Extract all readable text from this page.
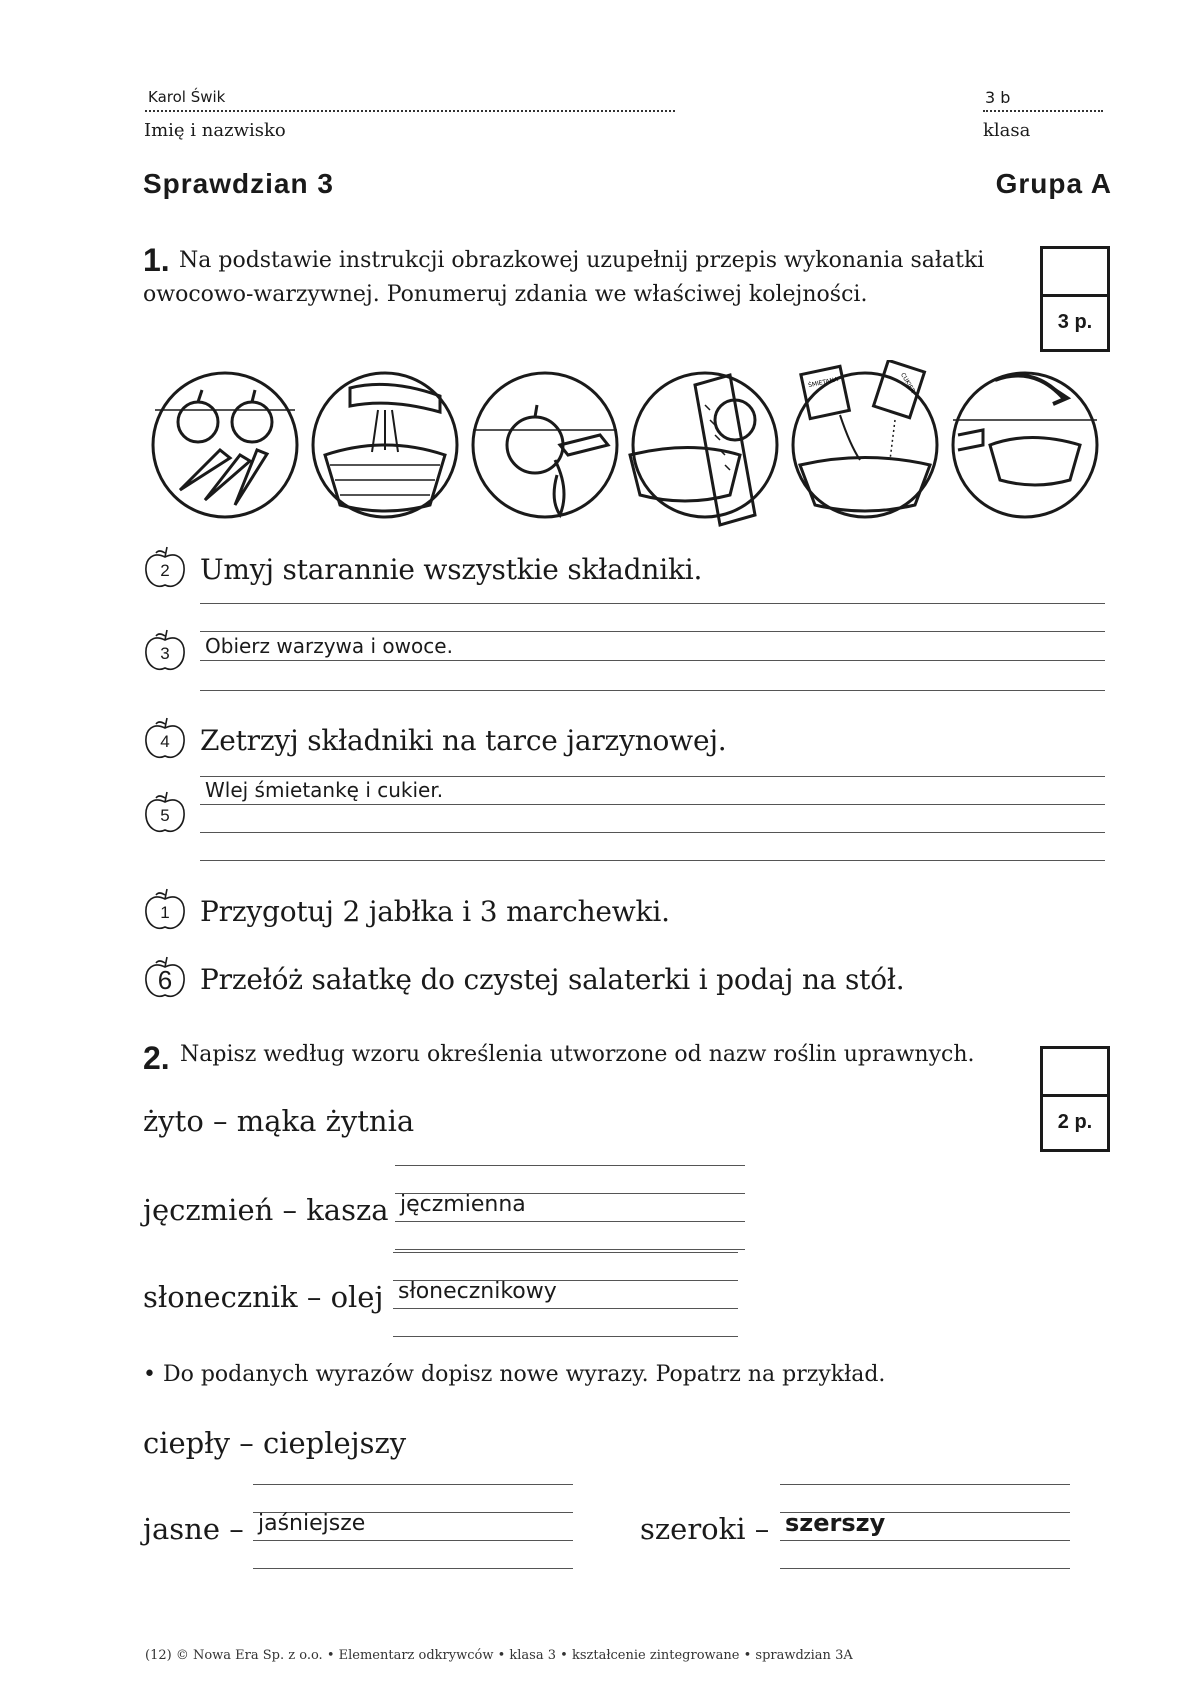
Karol Świk
Imię i nazwisko
3 b
klasa
Sprawdzian 3	Grupa A
1. Na podstawie instrukcji obrazkowej uzupełnij przepis wykonania sałatki owocowo-warzywnej. Ponumeruj zdania we właściwej kolejności.
3 p.
ŚMIETANA	CUKIER
2	Umyj starannie wszystkie składniki.
3	Obierz warzywa i owoce.
4	Zetrzyj składniki na tarce jarzynowej.
5
Wlej śmietankę i cukier.
1	Przygotuj 2 jabłka i 3 marchewki.
6 Przełóż sałatkę do czystej salaterki i podaj na stół.
2. Napisz według wzoru określenia utworzone od nazw roślin uprawnych.
2 p.
żyto – mąka żytnia
jęczmień – kasza jęczmienna
słonecznik – olej słonecznikowy
• Do podanych wyrazów dopisz nowe wyrazy. Popatrz na przykład.
ciepły – cieplejszy
jasne – jaśniejsze	szeroki – szerszy
(12) © Nowa Era Sp. z o.o. • Elementarz odkrywców • klasa 3 • kształcenie zintegrowane • sprawdzian 3A
